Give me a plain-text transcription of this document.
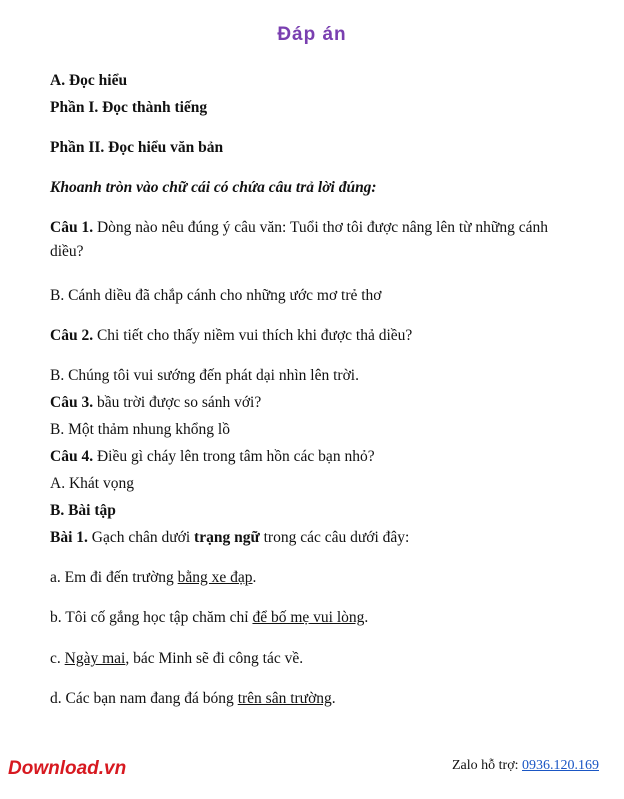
Đáp án
A. Đọc hiểu
Phần I. Đọc thành tiếng
Phần II. Đọc hiểu văn bản
Khoanh tròn vào chữ cái có chứa câu trả lời đúng:
Câu 1. Dòng nào nêu đúng ý câu văn: Tuổi thơ tôi được nâng lên từ những cánh diều?
B. Cánh diều đã chắp cánh cho những ước mơ trẻ thơ
Câu 2. Chi tiết cho thấy niềm vui thích khi được thả diều?
B. Chúng tôi vui sướng đến phát dại nhìn lên trời.
Câu 3. bầu trời được so sánh với?
B. Một thảm nhung khổng lồ
Câu 4. Điều gì cháy lên trong tâm hồn các bạn nhỏ?
A. Khát vọng
B. Bài tập
Bài 1. Gạch chân dưới trạng ngữ trong các câu dưới đây:
a. Em đi đến trường bằng xe đạp.
b. Tôi cố gắng học tập chăm chỉ để bố mẹ vui lòng.
c. Ngày mai, bác Minh sẽ đi công tác về.
d. Các bạn nam đang đá bóng trên sân trường.
Download.vn	Zalo hỗ trợ: 0936.120.169
